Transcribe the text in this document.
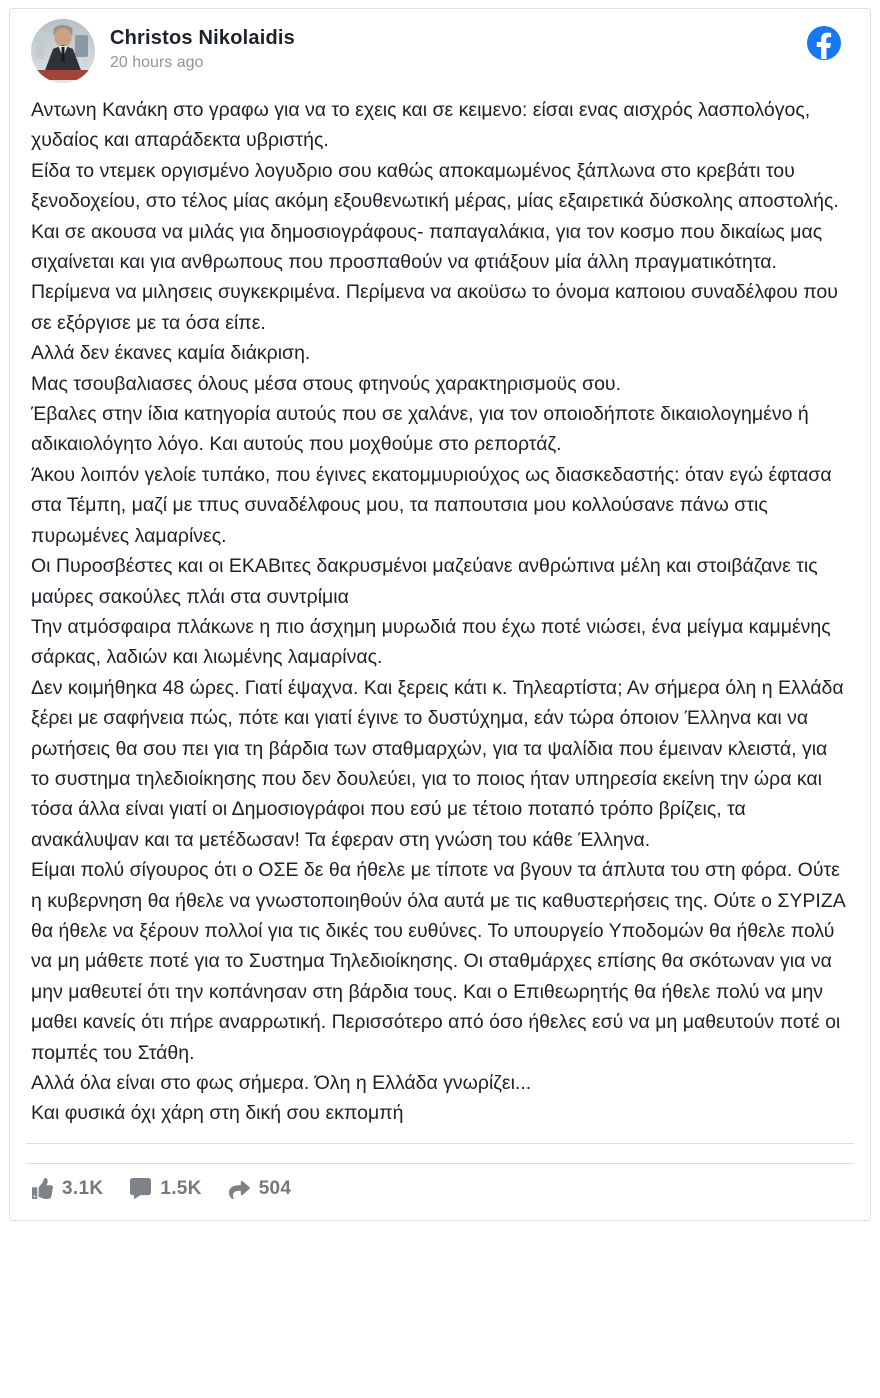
Christos Nikolaidis
20 hours ago

Αντωνη Κανάκη στο γραφω για να το εχεις και σε κειμενο: είσαι ενας αισχρός λασπολόγος, χυδαίος και απαράδεκτα υβριστής.

Είδα το ντεμεκ οργισμένο λογυδριο σου καθώς αποκαμωμένος ξάπλωνα στο κρεβάτι του ξενοδοχείου, στο τέλος μίας ακόμη εξουθενωτική μέρας, μίας εξαιρετικά δύσκολης αποστολής.

Και σε ακουσα να μιλάς για δημοσιογράφους- παπαγαλάκια, για τον κοσμο που δικαίως μας σιχαίνεται και για ανθρωπους που προσπαθούν να φτιάξουν μία άλλη πραγματικότητα.

Περίμενα να μιλησεις συγκεκριμένα. Περίμενα να ακοϋσω το όνομα καποιου συναδέλφου που σε εξόργισε με τα όσα είπε.

Αλλά δεν έκανες καμία διάκριση.

Μας τσουβαλιασες όλους μέσα στους φτηνούς χαρακτηρισμοϋς σου.

Έβαλες στην ίδια κατηγορία αυτούς που σε χαλάνε, για τον οποιοδήποτε δικαιολογημένο ή αδικαιολόγητο λόγο. Και αυτούς που μοχθούμε στο ρεπορτάζ.

Άκου λοιπόν γελοίε τυπάκο, που έγινες εκατομμυριούχος ως διασκεδαστής: όταν εγώ έφτασα στα Τέμπη, μαζί με τπυς συναδέλφους μου, τα παπουτσια μου κολλούσανε πάνω στις πυρωμένες λαμαρίνες.

Οι Πυροσβέστες και οι ΕΚΑΒιτες δακρυσμένοι μαζεύανε ανθρώπινα μέλη και στοιβάζανε τις μαύρες σακούλες πλάι στα συντρίμια

Την ατμόσφαιρα πλάκωνε η πιο άσχημη μυρωδιά που έχω ποτέ νιώσει, ένα μείγμα καμμένης σάρκας, λαδιών και λιωμένης λαμαρίνας.

Δεν κοιμήθηκα 48 ώρες. Γιατί έψαχνα. Και ξερεις κάτι κ. Τηλεαρτίστα; Αν σήμερα όλη η Ελλάδα ξέρει με σαφήνεια πώς, πότε και γιατί έγινε το δυστύχημα, εάν τώρα όποιον Έλληνα και να ρωτήσεις θα σου πει για τη βάρδια των σταθμαρχών, για τα ψαλίδια που έμειναν κλειστά, για το συστημα τηλεδιοίκησης που δεν δουλεύει, για το ποιος ήταν υπηρεσία εκείνη την ώρα και τόσα άλλα είναι γιατί οι Δημοσιογράφοι που εσύ με τέτοιο ποταπό τρόπο βρίζεις, τα ανακάλυψαν και τα μετέδωσαν! Τα έφεραν στη γνώση του κάθε Έλληνα.

Είμαι πολύ σίγουρος ότι ο ΟΣΕ δε θα ήθελε με τίποτε να βγουν τα άπλυτα του στη φόρα. Ούτε η κυβερνηση θα ήθελε να γνωστοποιηθούν όλα αυτά με τις καθυστερήσεις της. Ούτε ο ΣΥΡΙΖΑ θα ήθελε να ξέρουν πολλοί για τις δικές του ευθύνες. Το υπουργείο Υποδομών θα ήθελε πολύ να μη μάθετε ποτέ για το Συστημα Τηλεδιοίκησης. Οι σταθμάρχες επίσης θα σκότωναν για να μην μαθευτεί ότι την κοπάνησαν στη βάρδια τους. Και ο Επιθεωρητής θα ήθελε πολύ να μην μαθει κανείς ότι πήρε αναρρωτική. Περισσότερο από όσο ήθελες εσύ να μη μαθευτούν ποτέ οι πομπές του Στάθη.

Αλλά όλα είναι στο φως σήμερα. Όλη η Ελλάδα γνωρίζει...

Και φυσικά όχι χάρη στη δική σου εκπομπή

3.1K	1.5K	504
